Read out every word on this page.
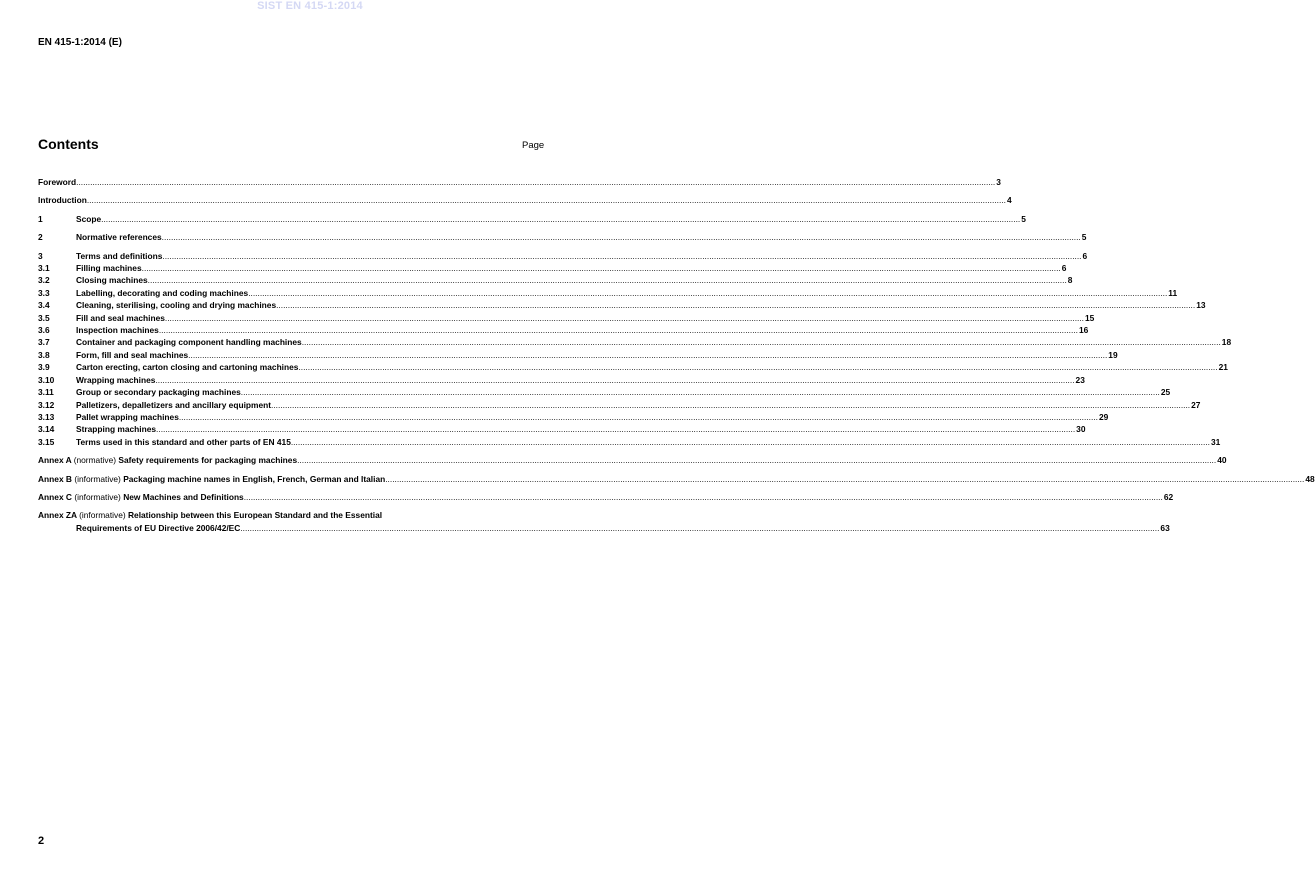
SIST EN 415-1:2014
EN 415-1:2014 (E)
Contents	Page
Foreword .....	3
Introduction .....	4
1	Scope .....	5
2	Normative references .....	5
3	Terms and definitions .....	6
3.1	Filling machines .....	6
3.2	Closing machines .....	8
3.3	Labelling, decorating and coding machines .....	11
3.4	Cleaning, sterilising, cooling and drying machines .....	13
3.5	Fill and seal machines .....	15
3.6	Inspection machines .....	16
3.7	Container and packaging component handling machines .....	18
3.8	Form, fill and seal machines .....	19
3.9	Carton erecting, carton closing and cartoning machines .....	21
3.10	Wrapping machines .....	23
3.11	Group or secondary packaging machines .....	25
3.12	Palletizers, depalletizers and ancillary equipment .....	27
3.13	Pallet wrapping machines .....	29
3.14	Strapping machines .....	30
3.15	Terms used in this standard and other parts of EN 415 .....	31
Annex A (normative) Safety requirements for packaging machines .....	40
Annex B (informative) Packaging machine names in English, French, German and Italian .....	48
Annex C (informative) New Machines and Definitions .....	62
Annex ZA (informative) Relationship between this European Standard and the Essential
Requirements of EU Directive 2006/42/EC .....	63
2
